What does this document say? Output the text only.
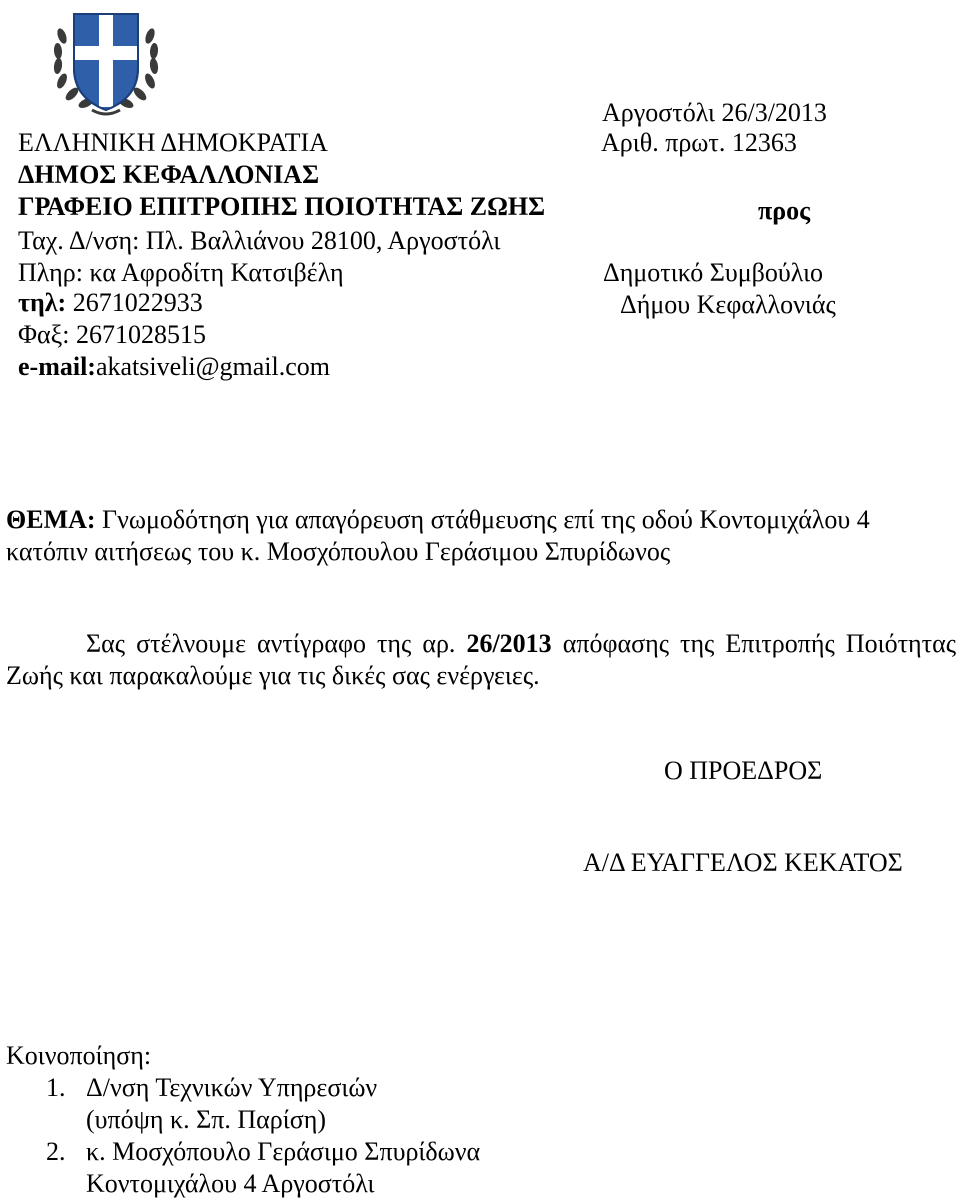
Αργοστόλι 26/3/2013
Αριθ. πρωτ. 12363
ΕΛΛΗΝΙΚΗ ΔΗΜΟΚΡΑΤΙΑ
ΔΗΜΟΣ ΚΕΦΑΛΛΟΝΙΑΣ
ΓΡΑΦΕΙΟ ΕΠΙΤΡΟΠΗΣ ΠΟΙΟΤΗΤΑΣ ΖΩΗΣ
Ταχ. Δ/νση: Πλ. Βαλλιάνου 28100, Αργοστόλι
Πληρ: κα Αφροδίτη Κατσιβέλη
τηλ: 2671022933
Φαξ: 2671028515
e-mail:akatsiveli@gmail.com
προς
Δημοτικό Συμβούλιο
Δήμου Κεφαλλονιάς
ΘΕΜΑ: Γνωμοδότηση για απαγόρευση στάθμευσης επί της οδού Κοντομιχάλου 4 κατόπιν αιτήσεως του κ. Μοσχόπουλου Γεράσιμου Σπυρίδωνος
Σας στέλνουμε αντίγραφο της αρ. 26/2013 απόφασης της Επιτροπής Ποιότητας Ζωής και παρακαλούμε για τις δικές σας ενέργειες.
Ο ΠΡΟΕΔΡΟΣ
Α/Δ ΕΥΑΓΓΕΛΟΣ ΚΕΚΑΤΟΣ
Κοινοποίηση:
1. Δ/νση Τεχνικών Υπηρεσιών
(υπόψη κ. Σπ. Παρίση)
2. κ. Μοσχόπουλο Γεράσιμο Σπυρίδωνα
Κοντομιχάλου 4 Αργοστόλι
